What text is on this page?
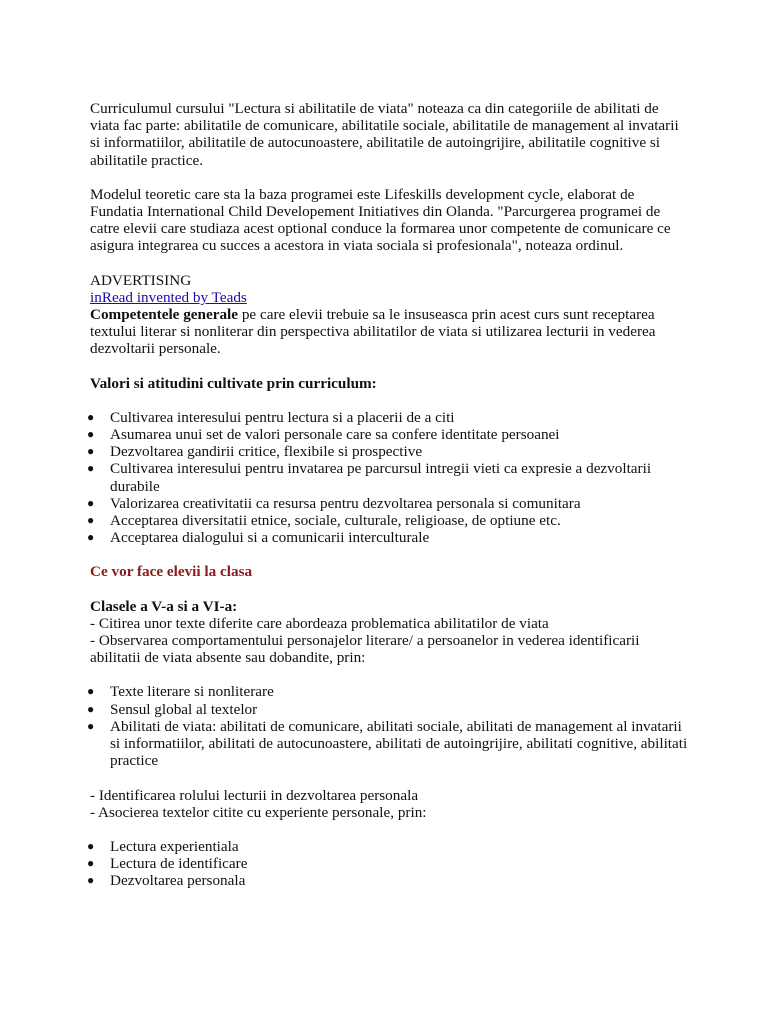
Curriculumul cursului "Lectura si abilitatile de viata" noteaza ca din categoriile de abilitati de viata fac parte: abilitatile de comunicare, abilitatile sociale, abilitatile de management al invatarii si informatiilor, abilitatile de autocunoastere, abilitatile de autoingrijire, abilitatile cognitive si abilitatile practice.

Modelul teoretic care sta la baza programei este Lifeskills development cycle, elaborat de Fundatia International Child Developement Initiatives din Olanda. "Parcurgerea programei de catre elevii care studiaza acest optional conduce la formarea unor competente de comunicare ce asigura integrarea cu succes a acestora in viata sociala si profesionala", noteaza ordinul.

ADVERTISING

inRead invented by Teads

Competentele generale pe care elevii trebuie sa le insuseasca prin acest curs sunt receptarea textului literar si nonliterar din perspectiva abilitatilor de viata si utilizarea lecturii in vederea dezvoltarii personale.

Valori si atitudini cultivate prin curriculum:

● Cultivarea interesului pentru lectura si a placerii de a citi
● Asumarea unui set de valori personale care sa confere identitate persoanei
● Dezvoltarea gandirii critice, flexibile si prospective
● Cultivarea interesului pentru invatarea pe parcursul intregii vieti ca expresie a dezvoltarii durabile
● Valorizarea creativitatii ca resursa pentru dezvoltarea personala si comunitara
● Acceptarea diversitatii etnice, sociale, culturale, religioase, de optiune etc.
● Acceptarea dialogului si a comunicarii interculturale

Ce vor face elevii la clasa

Clasele a V-a si a VI-a:

- Citirea unor texte diferite care abordeaza problematica abilitatilor de viata

- Observarea comportamentului personajelor literare/ a persoanelor in vederea identificarii abilitatii de viata absente sau dobandite, prin:

● Texte literare si nonliterare
● Sensul global al textelor
● Abilitati de viata: abilitati de comunicare, abilitati sociale, abilitati de management al invatarii si informatiilor, abilitati de autocunoastere, abilitati de autoingrijire, abilitati cognitive, abilitati practice

- Identificarea rolului lecturii in dezvoltarea personala

- Asocierea textelor citite cu experiente personale, prin:

● Lectura experientiala
● Lectura de identificare
● Dezvoltarea personala
